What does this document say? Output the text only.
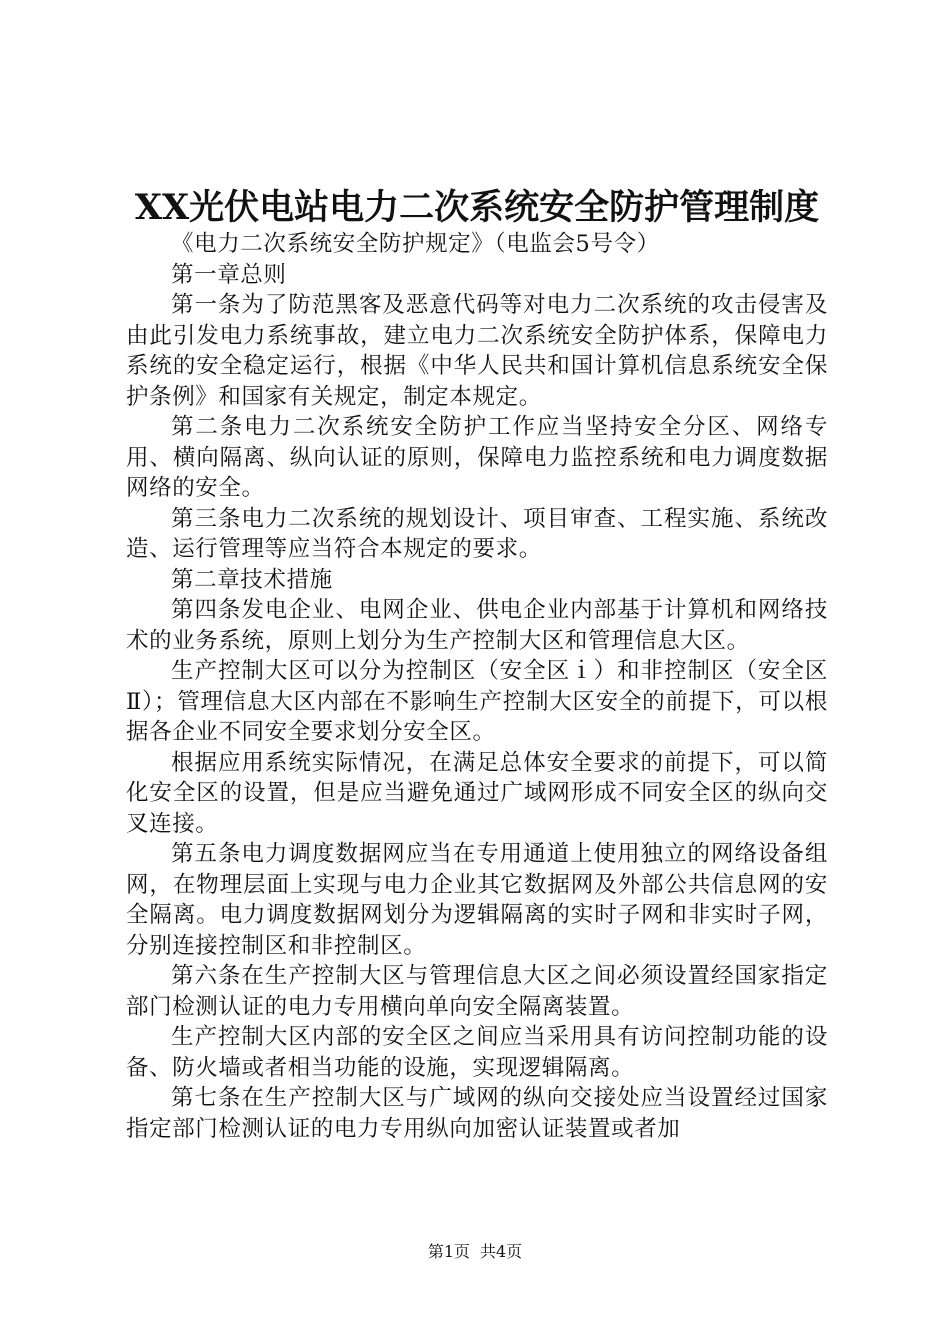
XX光伏电站电力二次系统安全防护管理制度

《电力二次系统安全防护规定》（电监会5号令）

第一章总则

第一条为了防范黑客及恶意代码等对电力二次系统的攻击侵害及由此引发电力系统事故，建立电力二次系统安全防护体系，保障电力系统的安全稳定运行，根据《中华人民共和国计算机信息系统安全保护条例》和国家有关规定，制定本规定。

第二条电力二次系统安全防护工作应当坚持安全分区、网络专用、横向隔离、纵向认证的原则，保障电力监控系统和电力调度数据网络的安全。

第三条电力二次系统的规划设计、项目审查、工程实施、系统改造、运行管理等应当符合本规定的要求。

第二章技术措施

第四条发电企业、电网企业、供电企业内部基于计算机和网络技术的业务系统，原则上划分为生产控制大区和管理信息大区。

生产控制大区可以分为控制区（安全区ｉ）和非控制区（安全区Ⅱ）；管理信息大区内部在不影响生产控制大区安全的前提下，可以根据各企业不同安全要求划分安全区。

根据应用系统实际情况，在满足总体安全要求的前提下，可以简化安全区的设置，但是应当避免通过广域网形成不同安全区的纵向交叉连接。

第五条电力调度数据网应当在专用通道上使用独立的网络设备组网，在物理层面上实现与电力企业其它数据网及外部公共信息网的安全隔离。电力调度数据网划分为逻辑隔离的实时子网和非实时子网，分别连接控制区和非控制区。

第六条在生产控制大区与管理信息大区之间必须设置经国家指定部门检测认证的电力专用横向单向安全隔离装置。

生产控制大区内部的安全区之间应当采用具有访问控制功能的设备、防火墙或者相当功能的设施，实现逻辑隔离。

第七条在生产控制大区与广域网的纵向交接处应当设置经过国家指定部门检测认证的电力专用纵向加密认证装置或者加

第1页 共4页
